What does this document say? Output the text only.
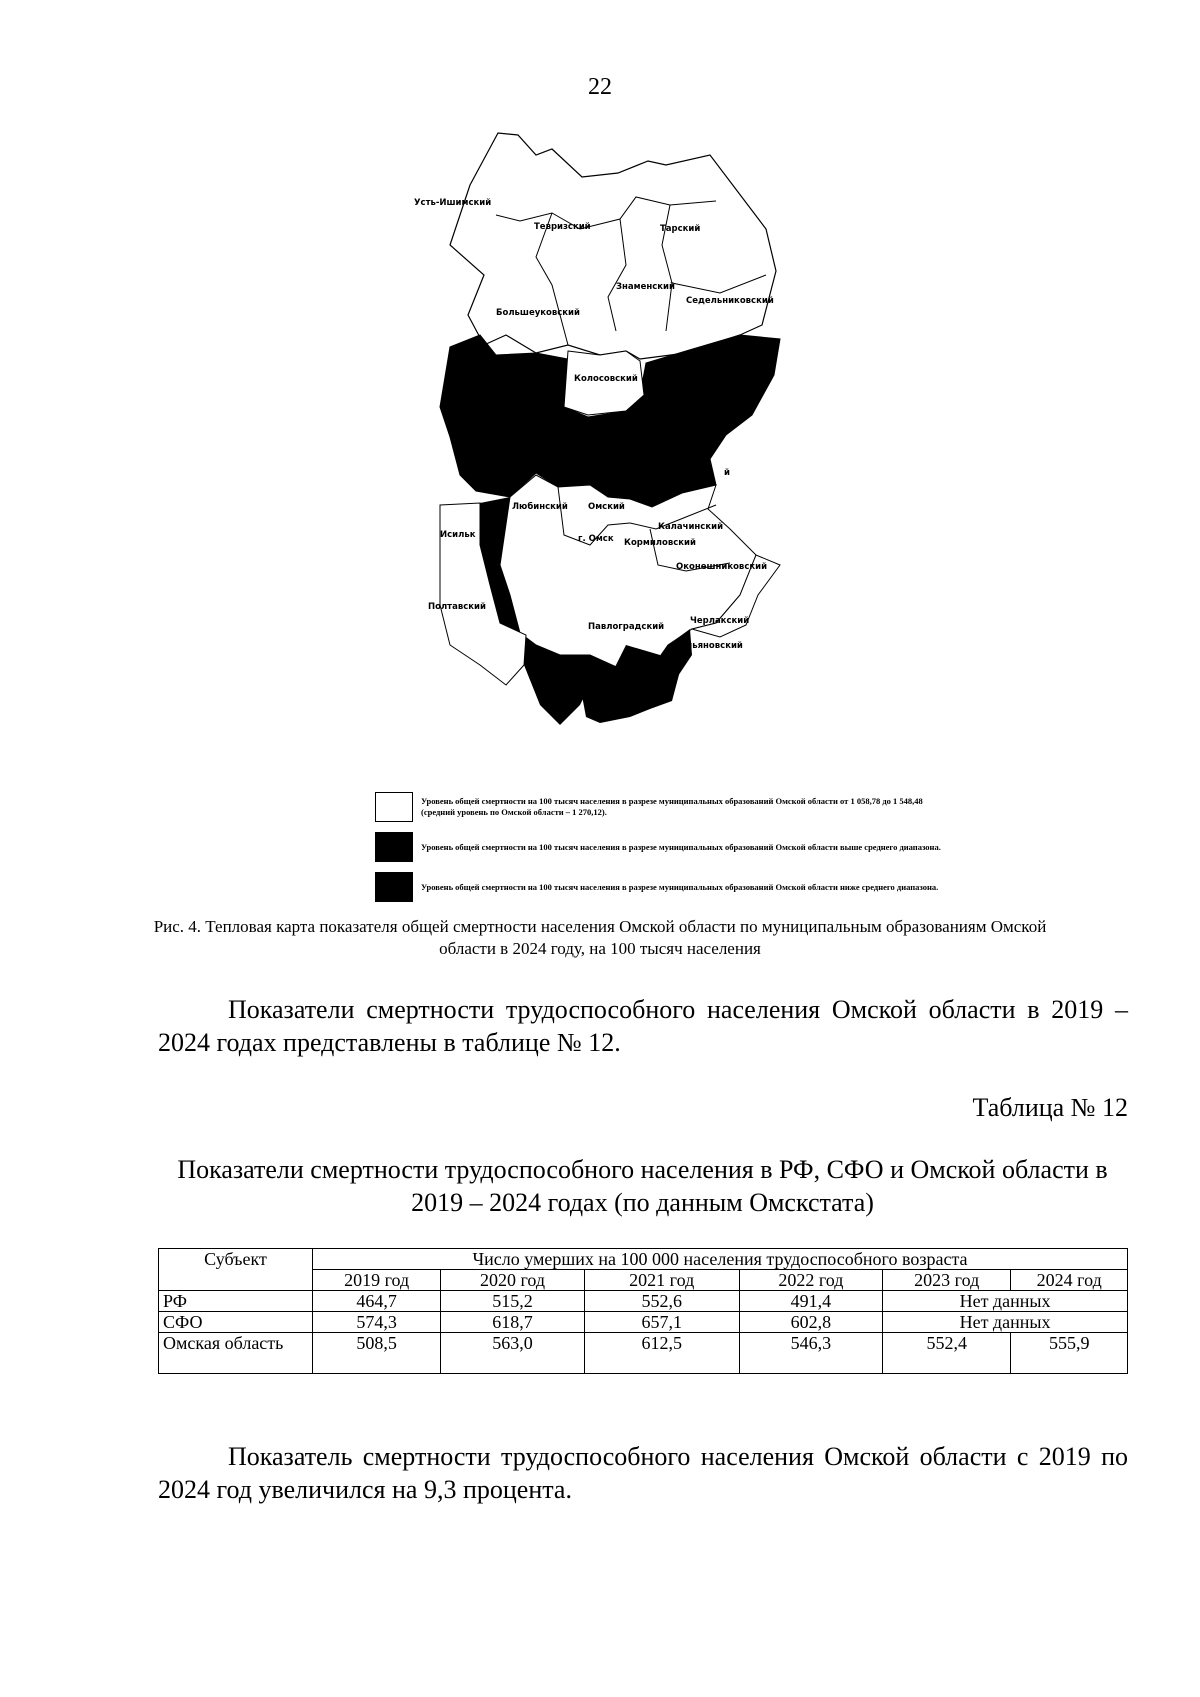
22
Усть-Ишимский
Тевризский	Тарский
Знаменский
Седельниковский
Большеуковский
Колосовский
й
Любинский Омский
Калачинский
Исильк	г. Омск Кормиловский
Оконешниковский
Полтавский
Черлакский
Павлоградский
льяновский
Уровень общей смертности на 100 тысяч населения в разрезе муниципальных образований Омской области от 1 058,78 до 1 548,48 (средний уровень по Омской области – 1 270,12).
Уровень общей смертности на 100 тысяч населения в разрезе муниципальных образований Омской области выше среднего диапазона.
Уровень общей смертности на 100 тысяч населения в разрезе муниципальных образований Омской области ниже среднего диапазона.
Рис. 4. Тепловая карта показателя общей смертности населения Омской области по муниципальным образованиям Омской области в 2024 году, на 100 тысяч населения
Показатели смертности трудоспособного населения Омской области в 2019 – 2024 годах представлены в таблице № 12.
Таблица № 12
Показатели смертности трудоспособного населения в РФ, СФО и Омской области в 2019 – 2024 годах (по данным Омскстата)
Субъект	Число умерших на 100 000 населения трудоспособного возраста					
	2019 год	2020 год	2021 год	2022 год	2023 год	2024 год
РФ	464,7	515,2	552,6	491,4	Нет данных	
СФО	574,3	618,7	657,1	602,8	Нет данных	
Омская область	508,5	563,0	612,5	546,3	552,4	555,9
Показатель смертности трудоспособного населения Омской области с 2019 по 2024 год увеличился на 9,3 процента.
